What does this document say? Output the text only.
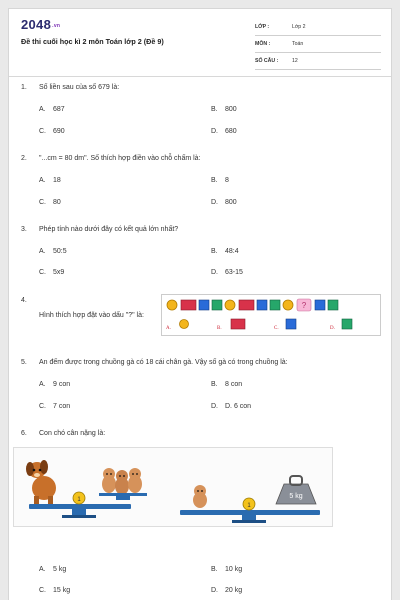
2048.vn
Đề thi cuối học kì 2 môn Toán lớp 2 (Đề 9)
LỚP :	Lớp 2
MÔN :	Toán
SỐ CÂU :	12
1. Số liền sau của số 679 là:
A. 687	B. 800
C. 690	D. 680
2. "...cm = 80 dm". Số thích hợp điền vào chỗ chấm là:
A. 18	B. 8
C. 80	D. 800
3. Phép tính nào dưới đây có kết quả lớn nhất?
A. 50:5	B. 48:4
C. 5x9	D. 63-15
4.
Hình thích hợp đặt vào dấu "?" là:
?
A.	B.	C.	D.
5. An đếm được trong chuồng gà có 18 cái chân gà. Vậy số gà có trong chuồng là:
A. 9 con	B. 8 con
C. 7 con	D. D. 6 con
6. Con chó cân nặng là:
1
1
5 kg
A. 5 kg	B. 10 kg
C. 15 kg	D. 20 kg
